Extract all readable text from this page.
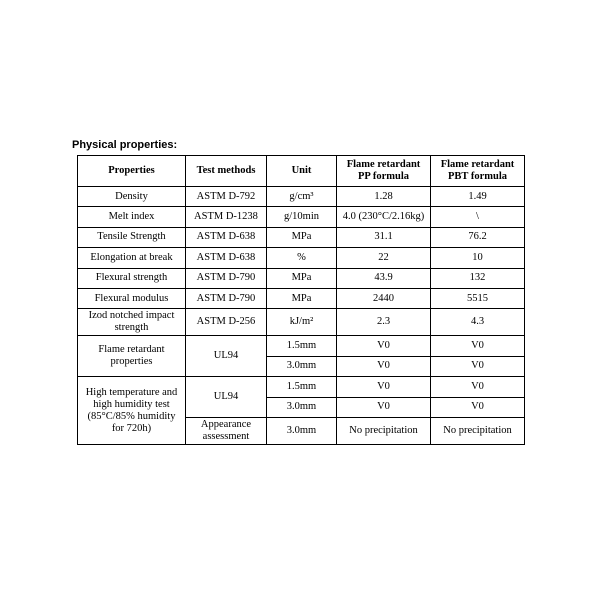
Physical properties:
Properties	Test methods	Unit	Flame retardant PP formula	Flame retardant PBT formula
Density	ASTM D-792	g/cm³	1.28	1.49
Melt index	ASTM D-1238	g/10min	4.0 (230°C/2.16kg)	\
Tensile Strength	ASTM D-638	MPa	31.1	76.2
Elongation at break	ASTM D-638	%	22	10
Flexural strength	ASTM D-790	MPa	43.9	132
Flexural modulus	ASTM D-790	MPa	2440	5515
Izod notched impact strength	ASTM D-256	kJ/m²	2.3	4.3
Flame retardant properties	UL94	1.5mm	V0	V0
		3.0mm	V0	V0
High temperature and high humidity test (85°C/85% humidity for 720h)	UL94	1.5mm	V0	V0
		3.0mm	V0	V0
	Appearance assessment	3.0mm	No precipitation	No precipitation
